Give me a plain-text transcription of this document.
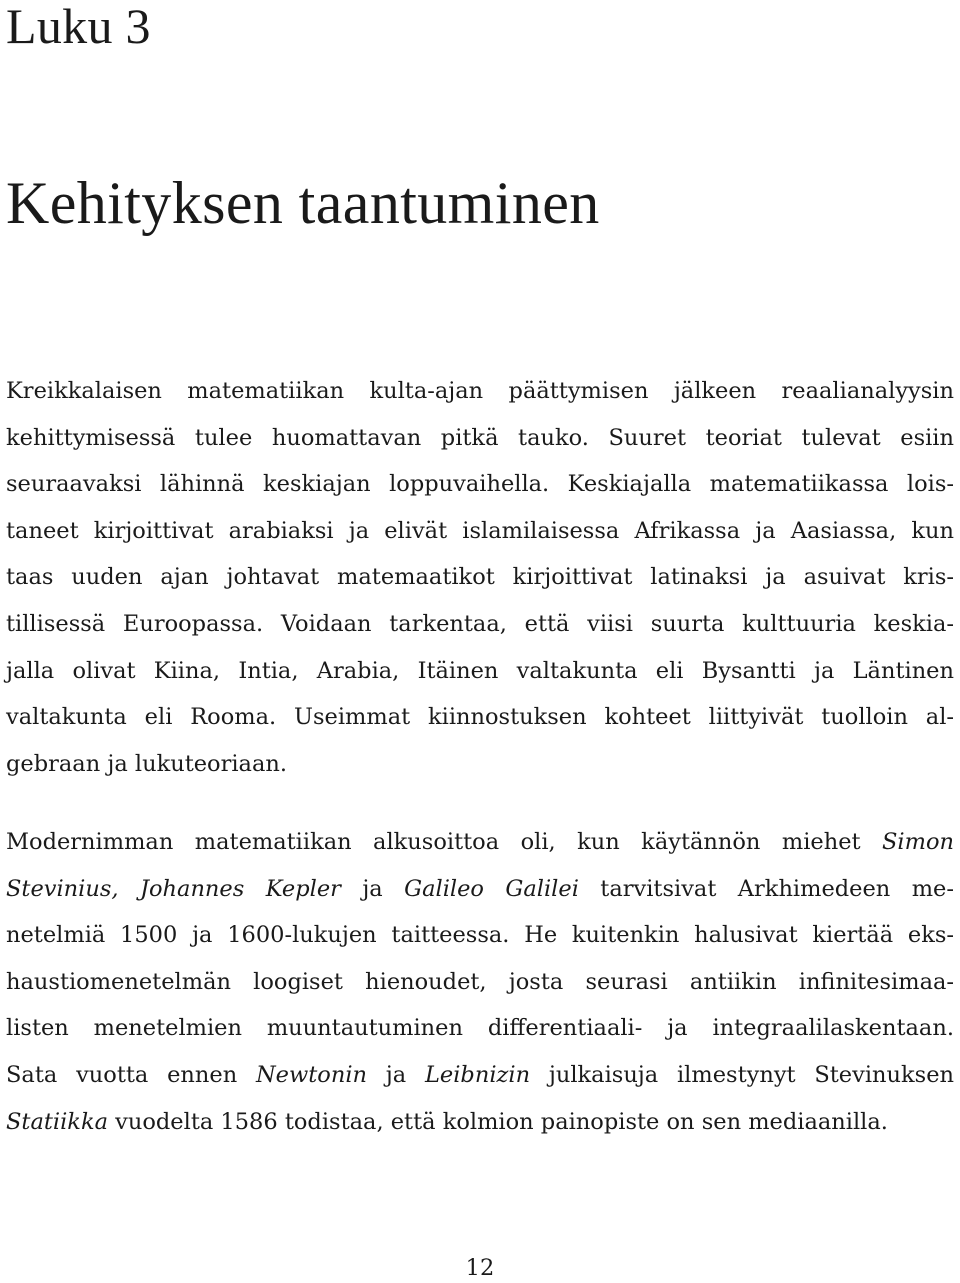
Luku 3
Kehityksen taantuminen
Kreikkalaisen matematiikan kulta-ajan päättymisen jälkeen reaalianalyysin
kehittymisessä tulee huomattavan pitkä tauko. Suuret teoriat tulevat esiin
seuraavaksi lähinnä keskiajan loppuvaihella. Keskiajalla matematiikassa lois-
taneet kirjoittivat arabiaksi ja elivät islamilaisessa Afrikassa ja Aasiassa, kun
taas uuden ajan johtavat matemaatikot kirjoittivat latinaksi ja asuivat kris-
tillisessä Euroopassa. Voidaan tarkentaa, että viisi suurta kulttuuria keskia-
jalla olivat Kiina, Intia, Arabia, Itäinen valtakunta eli Bysantti ja Läntinen
valtakunta eli Rooma. Useimmat kiinnostuksen kohteet liittyivät tuolloin al-
gebraan ja lukuteoriaan.
Modernimman matematiikan alkusoittoa oli, kun käytännön miehet Simon
Stevinius, Johannes Kepler ja Galileo Galilei tarvitsivat Arkhimedeen me-
netelmiä 1500 ja 1600-lukujen taitteessa. He kuitenkin halusivat kiertää eks-
haustiomenetelmän loogiset hienoudet, josta seurasi antiikin infinitesimaa-
listen menetelmien muuntautuminen differentiaali- ja integraalilaskentaan.
Sata vuotta ennen Newtonin ja Leibnizin julkaisuja ilmestynyt Stevinuksen
Statiikka vuodelta 1586 todistaa, että kolmion painopiste on sen mediaanilla.
12
